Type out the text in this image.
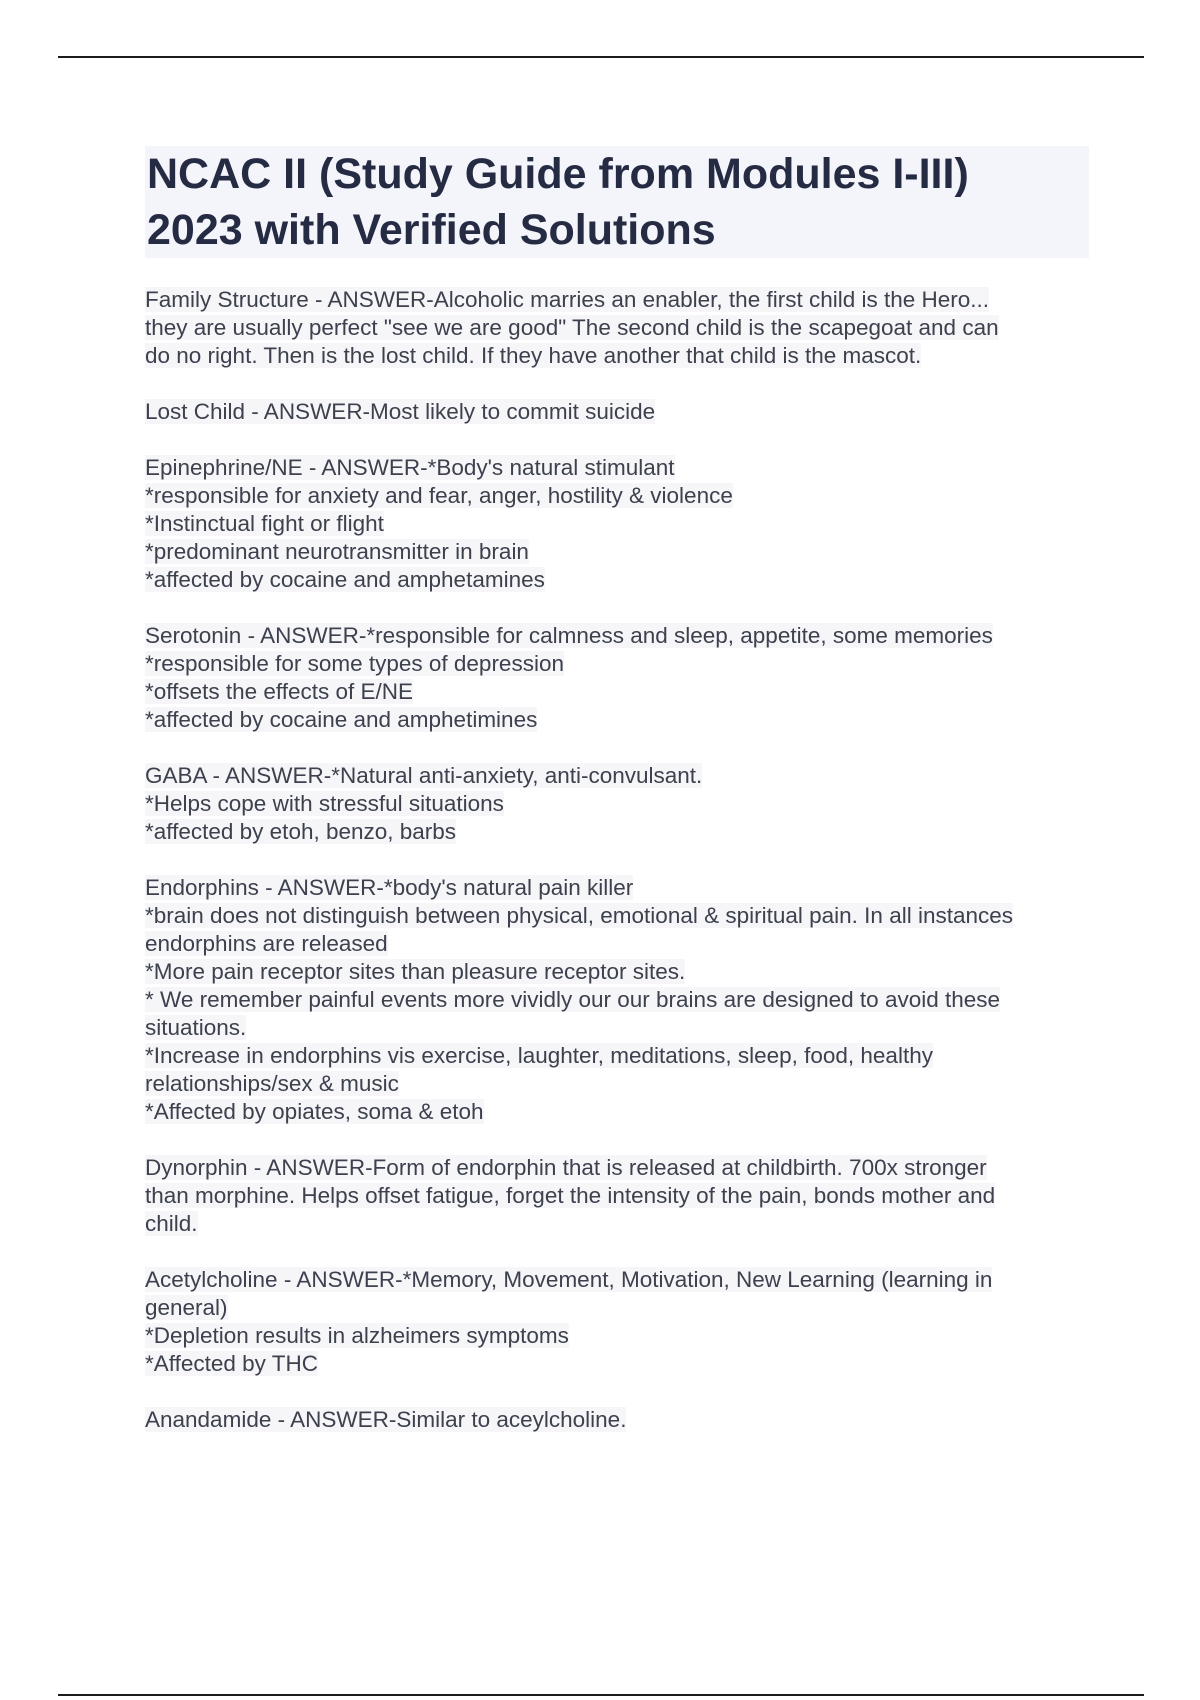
NCAC II (Study Guide from Modules I-III)
2023 with Verified Solutions
Family Structure - ANSWER-Alcoholic marries an enabler, the first child is the Hero...
they are usually perfect "see we are good" The second child is the scapegoat and can
do no right. Then is the lost child. If they have another that child is the mascot.

Lost Child - ANSWER-Most likely to commit suicide

Epinephrine/NE - ANSWER-*Body's natural stimulant
*responsible for anxiety and fear, anger, hostility & violence
*Instinctual fight or flight
*predominant neurotransmitter in brain
*affected by cocaine and amphetamines

Serotonin - ANSWER-*responsible for calmness and sleep, appetite, some memories
*responsible for some types of depression
*offsets the effects of E/NE
*affected by cocaine and amphetimines

GABA - ANSWER-*Natural anti-anxiety, anti-convulsant.
*Helps cope with stressful situations
*affected by etoh, benzo, barbs

Endorphins - ANSWER-*body's natural pain killer
*brain does not distinguish between physical, emotional & spiritual pain. In all instances
endorphins are released
*More pain receptor sites than pleasure receptor sites.
* We remember painful events more vividly our our brains are designed to avoid these
situations.
*Increase in endorphins vis exercise, laughter, meditations, sleep, food, healthy
relationships/sex & music
*Affected by opiates, soma & etoh

Dynorphin - ANSWER-Form of endorphin that is released at childbirth. 700x stronger
than morphine. Helps offset fatigue, forget the intensity of the pain, bonds mother and
child.

Acetylcholine - ANSWER-*Memory, Movement, Motivation, New Learning (learning in
general)
*Depletion results in alzheimers symptoms
*Affected by THC

Anandamide - ANSWER-Similar to aceylcholine.
